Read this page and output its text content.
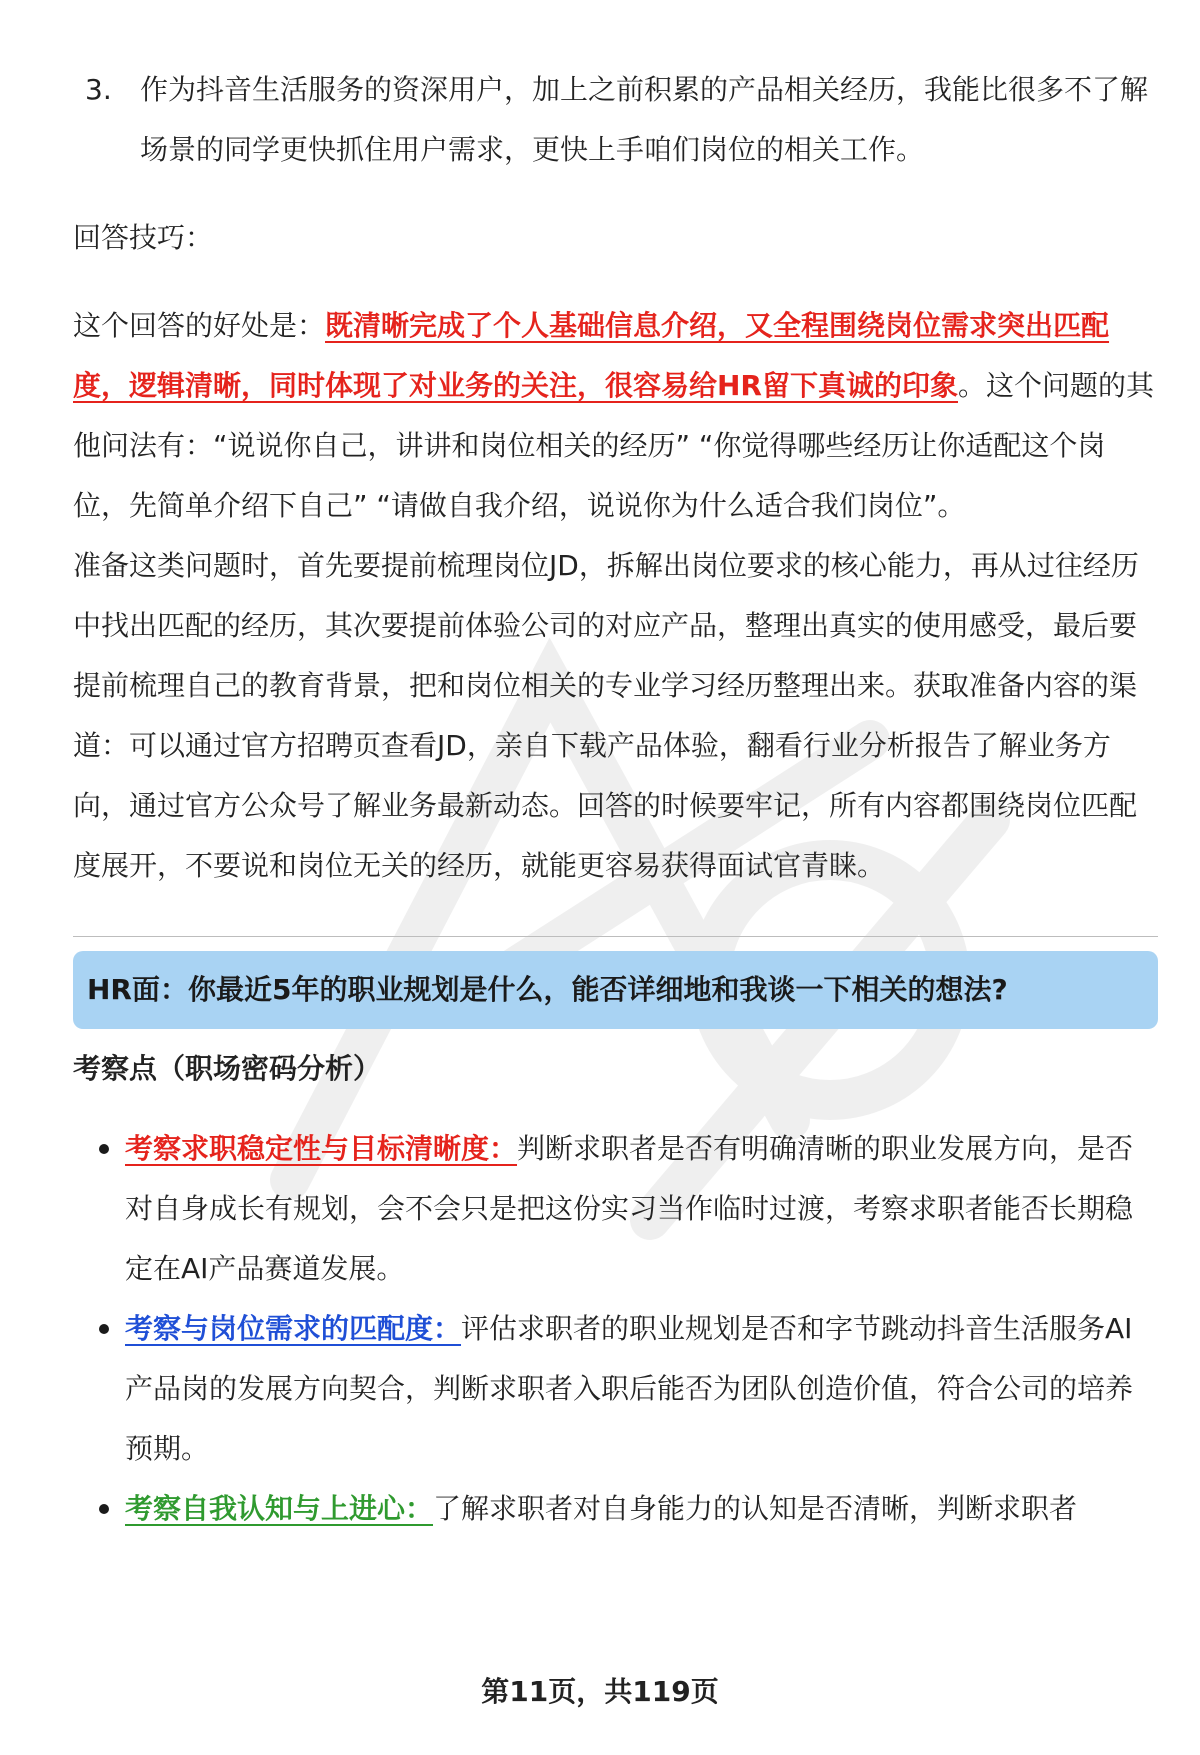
3.	作为抖音生活服务的资深用户，加上之前积累的产品相关经历，我能比很多不了解场景的同学更快抓住用户需求，更快上手咱们岗位的相关工作。

回答技巧：

这个回答的好处是：既清晰完成了个人基础信息介绍，又全程围绕岗位需求突出匹配度，逻辑清晰，同时体现了对业务的关注，很容易给HR留下真诚的印象。这个问题的其他问法有：“说说你自己，讲讲和岗位相关的经历” “你觉得哪些经历让你适配这个岗位，先简单介绍下自己” “请做自我介绍，说说你为什么适合我们岗位”。

准备这类问题时，首先要提前梳理岗位JD，拆解出岗位要求的核心能力，再从过往经历中找出匹配的经历，其次要提前体验公司的对应产品，整理出真实的使用感受，最后要提前梳理自己的教育背景，把和岗位相关的专业学习经历整理出来。获取准备内容的渠道：可以通过官方招聘页查看JD，亲自下载产品体验，翻看行业分析报告了解业务方向，通过官方公众号了解业务最新动态。回答的时候要牢记，所有内容都围绕岗位匹配度展开，不要说和岗位无关的经历，就能更容易获得面试官青睐。

HR面：你最近5年的职业规划是什么，能否详细地和我谈一下相关的想法?
考察点（职场密码分析）
考察求职稳定性与目标清晰度：判断求职者是否有明确清晰的职业发展方向，是否对自身成长有规划，会不会只是把这份实习当作临时过渡，考察求职者能否长期稳定在AI产品赛道发展。
考察与岗位需求的匹配度：评估求职者的职业规划是否和字节跳动抖音生活服务AI产品岗的发展方向契合，判断求职者入职后能否为团队创造价值，符合公司的培养预期。
考察自我认知与上进心：了解求职者对自身能力的认知是否清晰，判断求职者
第11页，共119页
